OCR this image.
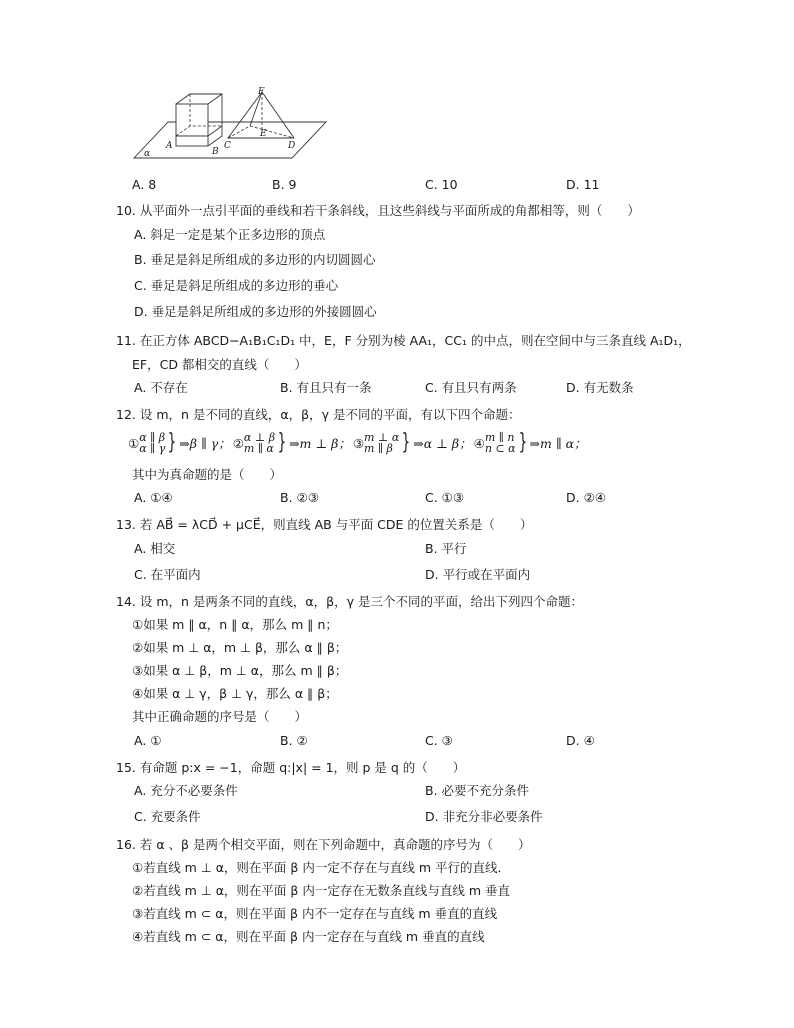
F
E
A
B
C	D
α
A. 8	B. 9	C. 10	D. 11
10. 从平面外一点引平面的垂线和若干条斜线，且这些斜线与平面所成的角都相等，则（　　）
A. 斜足一定是某个正多边形的顶点
B. 垂足是斜足所组成的多边形的内切圆圆心
C. 垂足是斜足所组成的多边形的垂心
D. 垂足是斜足所组成的多边形的外接圆圆心
11. 在正方体 ABCD−A₁B₁C₁D₁ 中，E，F 分别为棱 AA₁，CC₁ 的中点，则在空间中与三条直线 A₁D₁，
EF，CD 都相交的直线（　　）
A. 不存在	B. 有且只有一条	C. 有且只有两条	D. 有无数条
12. 设 m，n 是不同的直线，α，β，γ 是不同的平面，有以下四个命题：
① α ∥ β
α ∥ γ } ⇒β ∥ γ； ② α ⊥ β
m ∥ α } ⇒m ⊥ β； ③ m ⊥ α
m ∥ β } ⇒α ⊥ β； ④ m ∥ n
n ⊂ α } ⇒m ∥ α；
其中为真命题的是（　　）
A. ①④	B. ②③	C. ①③	D. ②④
13. 若 AB⃗ = λCD⃗ + μCE⃗，则直线 AB 与平面 CDE 的位置关系是（　　）
A. 相交	B. 平行
C. 在平面内	D. 平行或在平面内
14. 设 m，n 是两条不同的直线，α，β，γ 是三个不同的平面，给出下列四个命题：
①如果 m ∥ α，n ∥ α，那么 m ∥ n；
②如果 m ⊥ α，m ⊥ β，那么 α ∥ β；
③如果 α ⊥ β，m ⊥ α，那么 m ∥ β；
④如果 α ⊥ γ，β ⊥ γ，那么 α ∥ β；
其中正确命题的序号是（　　）
A. ①	B. ②	C. ③	D. ④
15. 有命题 p:x = −1，命题 q:|x| = 1，则 p 是 q 的（　　）
A. 充分不必要条件	B. 必要不充分条件
C. 充要条件	D. 非充分非必要条件
16. 若 α 、β 是两个相交平面，则在下列命题中，真命题的序号为（　　）
①若直线 m ⊥ α，则在平面 β 内一定不存在与直线 m 平行的直线．
②若直线 m ⊥ α，则在平面 β 内一定存在无数条直线与直线 m 垂直
③若直线 m ⊂ α，则在平面 β 内不一定存在与直线 m 垂直的直线
④若直线 m ⊂ α，则在平面 β 内一定存在与直线 m 垂直的直线
